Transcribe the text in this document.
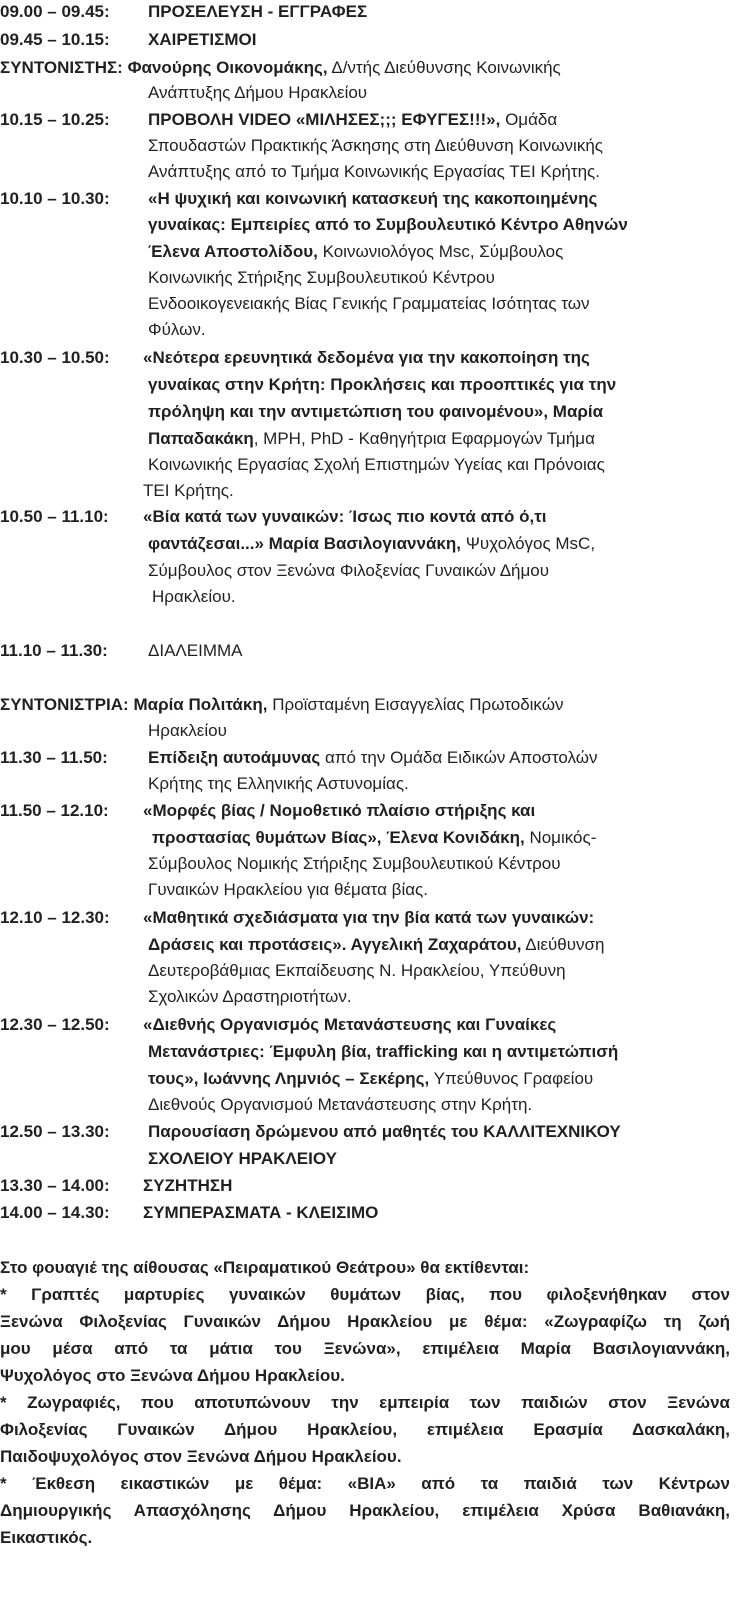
09.00 – 09.45: ΠΡΟΣΕΛΕΥΣΗ - ΕΓΓΡΑΦΕΣ
09.45 – 10.15: ΧΑΙΡΕΤΙΣΜΟΙ
ΣΥΝΤΟΝΙΣΤΗΣ: Φανούρης Οικονομάκης, Δ/ντής Διεύθυνσης Κοινωνικής
Ανάπτυξης Δήμου Ηρακλείου
10.15 – 10.25: ΠΡΟΒΟΛΗ VIDEO «ΜΙΛΗΣΕΣ;;; ΕΦΥΓΕΣ!!!», Ομάδα
Σπουδαστών Πρακτικής Άσκησης στη Διεύθυνση Κοινωνικής
Ανάπτυξης από το Τμήμα Κοινωνικής Εργασίας ΤΕΙ Κρήτης.
10.10 – 10.30: «Η ψυχική και κοινωνική κατασκευή της κακοποιημένης
γυναίκας: Εμπειρίες από το Συμβουλευτικό Κέντρο Αθηνών
Έλενα Αποστολίδου, Κοινωνιολόγος Msc, Σύμβουλος
Κοινωνικής Στήριξης Συμβουλευτικού Κέντρου
Ενδοοικογενειακής Βίας Γενικής Γραμματείας Ισότητας των
Φύλων.
10.30 – 10.50: «Νεότερα ερευνητικά δεδομένα για την κακοποίηση της
γυναίκας στην Κρήτη: Προκλήσεις και προοπτικές για την
πρόληψη και την αντιμετώπιση του φαινομένου», Μαρία
Παπαδακάκη, MPH, PhD - Καθηγήτρια Εφαρμογών Τμήμα
Κοινωνικής Εργασίας Σχολή Επιστημών Υγείας και Πρόνοιας
ΤΕΙ Κρήτης.
10.50 – 11.10: «Βία κατά των γυναικών: Ίσως πιο κοντά από ό,τι
φαντάζεσαι...» Μαρία Βασιλογιαννάκη, Ψυχολόγος MsC,
Σύμβουλος στον Ξενώνα Φιλοξενίας Γυναικών Δήμου
Ηρακλείου.
11.10 – 11.30: ΔΙΑΛΕΙΜΜΑ
ΣΥΝΤΟΝΙΣΤΡΙΑ: Μαρία Πολιτάκη, Προϊσταμένη Εισαγγελίας Πρωτοδικών
Ηρακλείου
11.30 – 11.50: Επίδειξη αυτοάμυνας από την Ομάδα Ειδικών Αποστολών
Κρήτης της Ελληνικής Αστυνομίας.
11.50 – 12.10: «Μορφές βίας / Νομοθετικό πλαίσιο στήριξης και
προστασίας θυμάτων Βίας», Έλενα Κονιδάκη, Νομικός-
Σύμβουλος Νομικής Στήριξης Συμβουλευτικού Κέντρου
Γυναικών Ηρακλείου για θέματα βίας.
12.10 – 12.30: «Μαθητικά σχεδιάσματα για την βία κατά των γυναικών:
Δράσεις και προτάσεις». Αγγελική Ζαχαράτου, Διεύθυνση
Δευτεροβάθμιας Εκπαίδευσης Ν. Ηρακλείου, Υπεύθυνη
Σχολικών Δραστηριοτήτων.
12.30 – 12.50: «Διεθνής Οργανισμός Μετανάστευσης και Γυναίκες
Μετανάστριες: Έμφυλη βία, trafficking και η αντιμετώπισή
τους», Ιωάννης Λημνιός – Σεκέρης, Υπεύθυνος Γραφείου
Διεθνούς Οργανισμού Μετανάστευσης στην Κρήτη.
12.50 – 13.30: Παρουσίαση δρώμενου από μαθητές του ΚΑΛΛΙΤΕΧΝΙΚΟΥ
ΣΧΟΛΕΙΟΥ ΗΡΑΚΛΕΙΟΥ
13.30 – 14.00: ΣΥΖΗΤΗΣΗ
14.00 – 14.30: ΣΥΜΠΕΡΑΣΜΑΤΑ - ΚΛΕΙΣΙΜΟ
Στο φουαγιέ της αίθουσας «Πειραματικού Θεάτρου» θα εκτίθενται:
* Γραπτές μαρτυρίες γυναικών θυμάτων βίας, που φιλοξενήθηκαν στον
Ξενώνα Φιλοξενίας Γυναικών Δήμου Ηρακλείου με θέμα: «Ζωγραφίζω τη ζωή
μου μέσα από τα μάτια του Ξενώνα», επιμέλεια Μαρία Βασιλογιαννάκη,
Ψυχολόγος στο Ξενώνα Δήμου Ηρακλείου.
* Ζωγραφιές, που αποτυπώνουν την εμπειρία των παιδιών στον Ξενώνα
Φιλοξενίας Γυναικών Δήμου Ηρακλείου, επιμέλεια Ερασμία Δασκαλάκη,
Παιδοψυχολόγος στον Ξενώνα Δήμου Ηρακλείου.
* Έκθεση εικαστικών με θέμα: «ΒΙΑ» από τα παιδιά των Κέντρων
Δημιουργικής Απασχόλησης Δήμου Ηρακλείου, επιμέλεια Χρύσα Βαθιανάκη,
Εικαστικός.
